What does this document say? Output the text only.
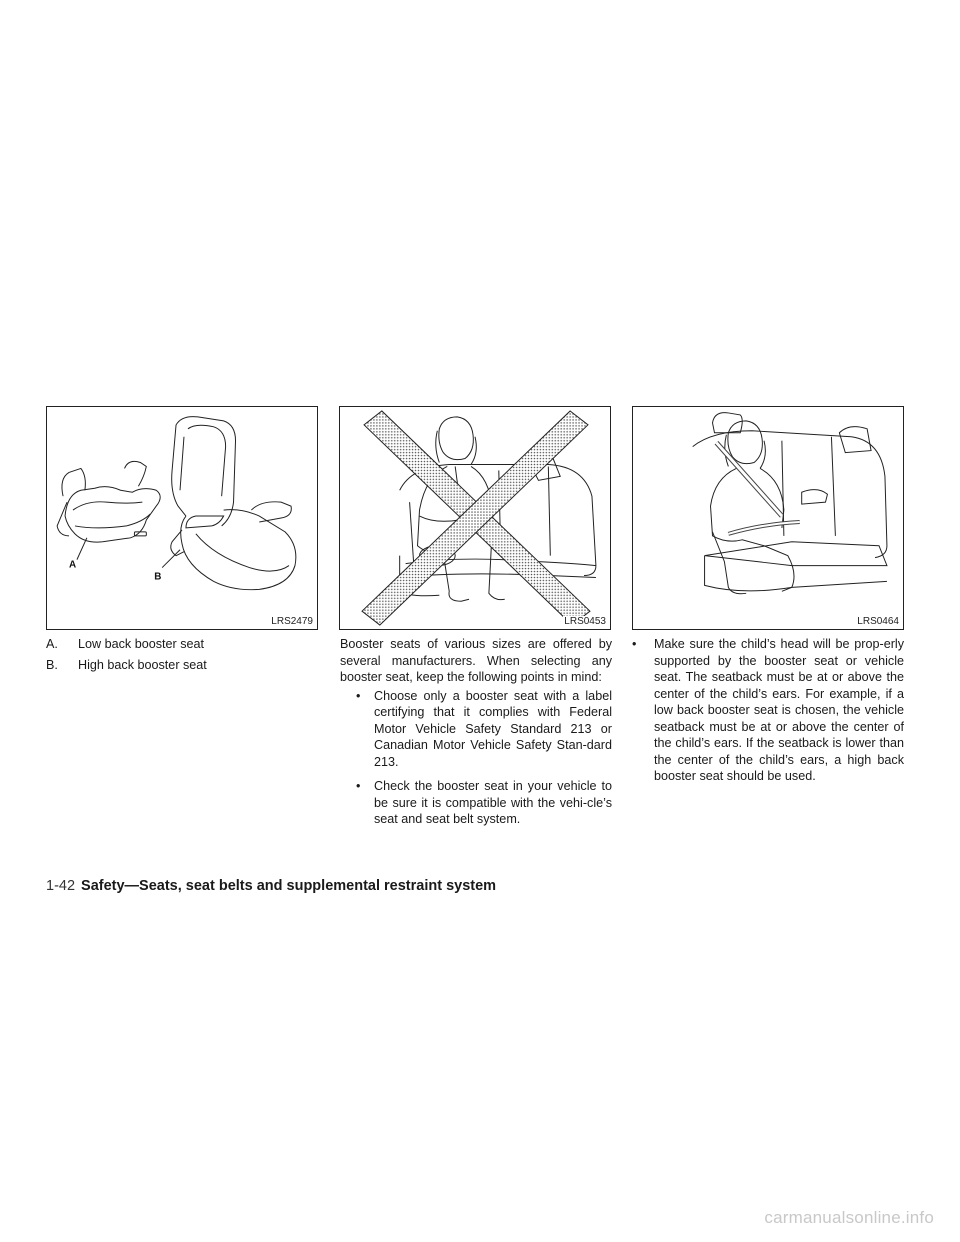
A
B
LRS2479	LRS0453	LRS0464
A.	Low back booster seat
B.	High back booster seat

Booster seats of various sizes are offered by several manufacturers. When selecting any booster seat, keep the following points in mind:

• Choose only a booster seat with a label certifying that it complies with Federal Motor Vehicle Safety Standard 213 or Canadian Motor Vehicle Safety Stan-dard 213.
• Check the booster seat in your vehicle to be sure it is compatible with the vehi-cle’s seat and seat belt system.
• Make sure the child’s head will be prop-erly supported by the booster seat or vehicle seat. The seatback must be at or above the center of the child’s ears. For example, if a low back booster seat is chosen, the vehicle seatback must be at or above the center of the child’s ears. If the seatback is lower than the center of the child’s ears, a high back booster seat should be used.
1-42 Safety—Seats, seat belts and supplemental restraint system
carmanualsonline.info
